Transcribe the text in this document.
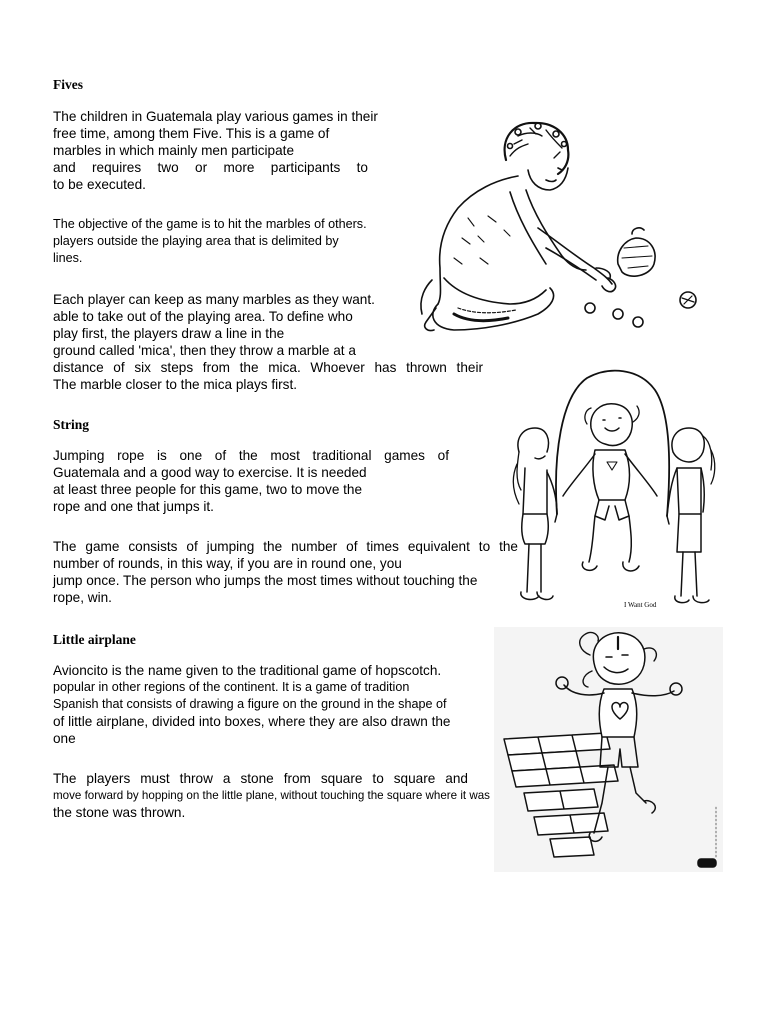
Fives

The children in Guatemala play various games in their
free time, among them Five. This is a game of
marbles in which mainly men participate
and requires two or more participants to
to be executed.

The objective of the game is to hit the marbles of others.
players outside the playing area that is delimited by
lines.

Each player can keep as many marbles as they want.
able to take out of the playing area. To define who
play first, the players draw a line in the
ground called 'mica', then they throw a marble at a
distance of six steps from the mica. Whoever has thrown their
The marble closer to the mica plays first.

String

Jumping rope is one of the most traditional games of
Guatemala and a good way to exercise. It is needed
at least three people for this game, two to move the
rope and one that jumps it.

The game consists of jumping the number of times equivalent to the
number of rounds, in this way, if you are in round one, you
jump once. The person who jumps the most times without touching the
rope, win.	I Want God
Little airplane

Avioncito is the name given to the traditional game of hopscotch.
popular in other regions of the continent. It is a game of tradition
Spanish that consists of drawing a figure on the ground in the shape of
of little airplane, divided into boxes, where they are also drawn the
one

The players must throw a stone from square to square and
move forward by hopping on the little plane, without touching the square where it was
the stone was thrown.
